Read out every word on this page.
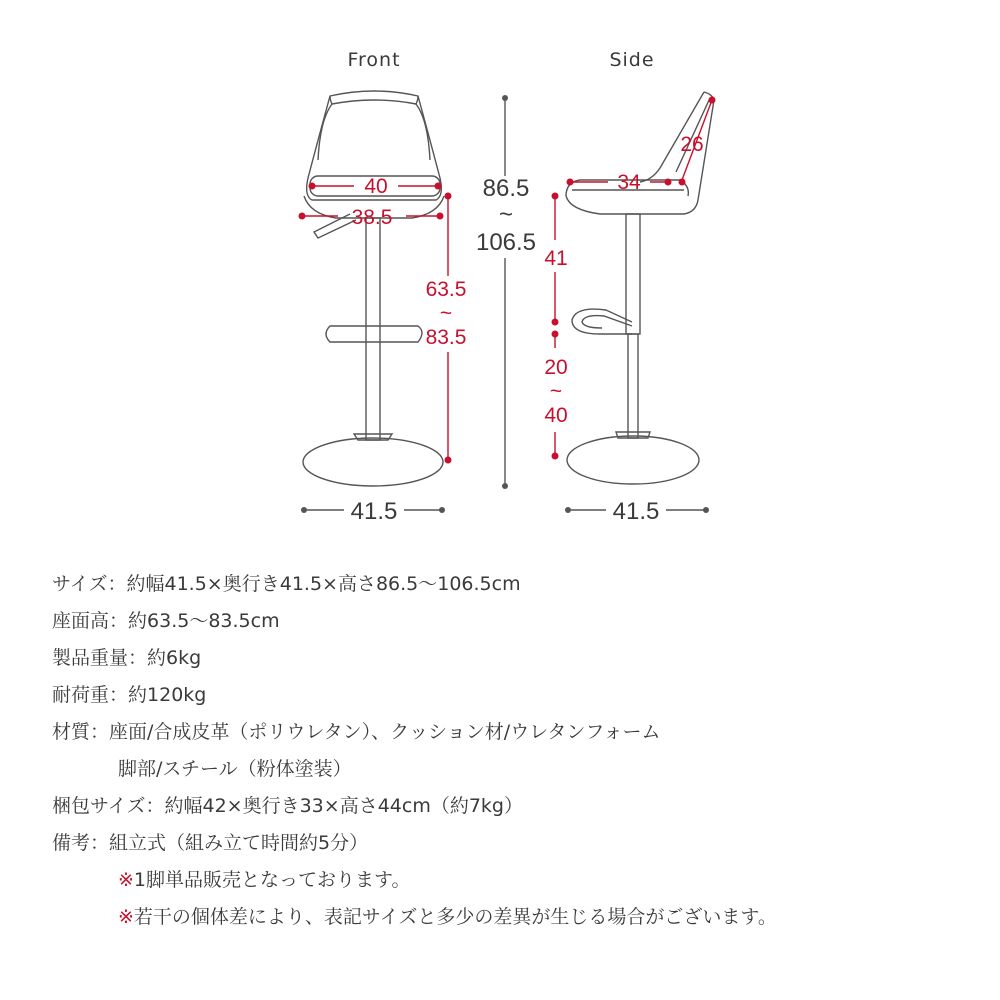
Front	Side
40
38.5
63.5
~
83.5
41.5
86.5
~
106.5
26
34
41
20
~
40
41.5
サイズ ： 約幅41.5×奥行き41.5×高さ86.5～106.5cm
座面高 ： 約63.5～83.5cm
製品重量 ： 約6kg
耐荷重 ： 約120kg
材質 ： 座面/合成皮革（ポリウレタン）、クッション材/ウレタンフォーム
脚部/スチール（粉体塗装）
梱包サイズ ： 約幅42×奥行き33×高さ44cm（約7kg）
備考 ： 組立式（組み立て時間約5分）
※1脚単品販売となっております。
※若干の個体差により、表記サイズと多少の差異が生じる場合がございます。
